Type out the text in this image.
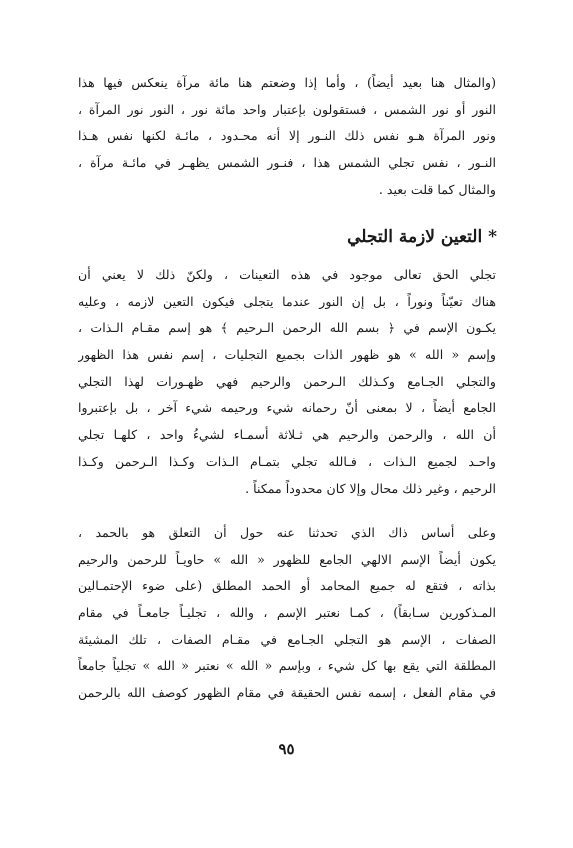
(والمثال هنا بعيد أيضاً) ، وأما إذا وضعتم هنا مائة مرآة ينعكس فيها هذا
النور أو نور الشمس ، فستقولون بإعتبار واحد مائة نور ، النور نور المرآة ،
ونور المرآة هـو نفس ذلك النـور إلا أنه محـدود ، مائـة لكنها نفس هـذا
النـور ، نفس تجلي الشمس هذا ، فنـور الشمس يظهـر في مائـة مرآة ،
والمثال كما قلت بعيد .
* التعين لازمة التجلي
تجلي الحق تعالى موجود في هذه التعينات ، ولكنّ ذلك لا يعني أن
هناك تعيّناً ونوراً ، بل إن النور عندما يتجلى فيكون التعين لازمه ، وعليه
يكـون الإسم في ﴿ بسم الله الرحمن الـرحيم ﴾ هو إسم مقـام الـذات ،
وإسم « الله » هو ظهور الذات بجميع التجليات ، إسم نفس هذا الظهور
والتجلي الجـامع وكـذلك الـرحمن والرحيم فهي ظهـورات لهذا التجلي
الجامع أيضاً ، لا بمعنى أنّ رحمانه شيء ورحيمه شيء آخر ، بل بإعتبروا
أن الله ، والرحمن والرحيم هي ثـلاثة أسمـاء لشيءُ واحد ، كلهـا تجلي
واحـد لجميع الـذات ، فـالله تجلي بتمـام الـذات وكـذا الـرحمن وكـذا
الرحيم ، وغير ذلك محال وإلا كان محدوداً ممكناً .
وعلى أساس ذاك الذي تحدثنا عنه حول أن التعلق هو بالحمد ،
يكون أيضاً الإسم الالهي الجامع للظهور « الله » حاويـاً للرحمن والرحيم
بذاته ، فتقع له جميع المحامد أو الحمد المطلق (على ضوء الإحتمـالين
المـذكورين سـابقاً) ، كمـا نعتبر الإسم ، والله ، تجليـاً جامعـاً في مقام
الصفات ، الإسم هو التجلي الجـامع في مقـام الصفات ، تلك المشيئة
المطلقة التي يقع بها كل شيء ، وبإسم « الله » نعتبر « الله » تجلياً جامعاً
في مقام الفعل ، إسمه نفس الحقيقة في مقام الظهور كوصف الله بالرحمن
٩٥
